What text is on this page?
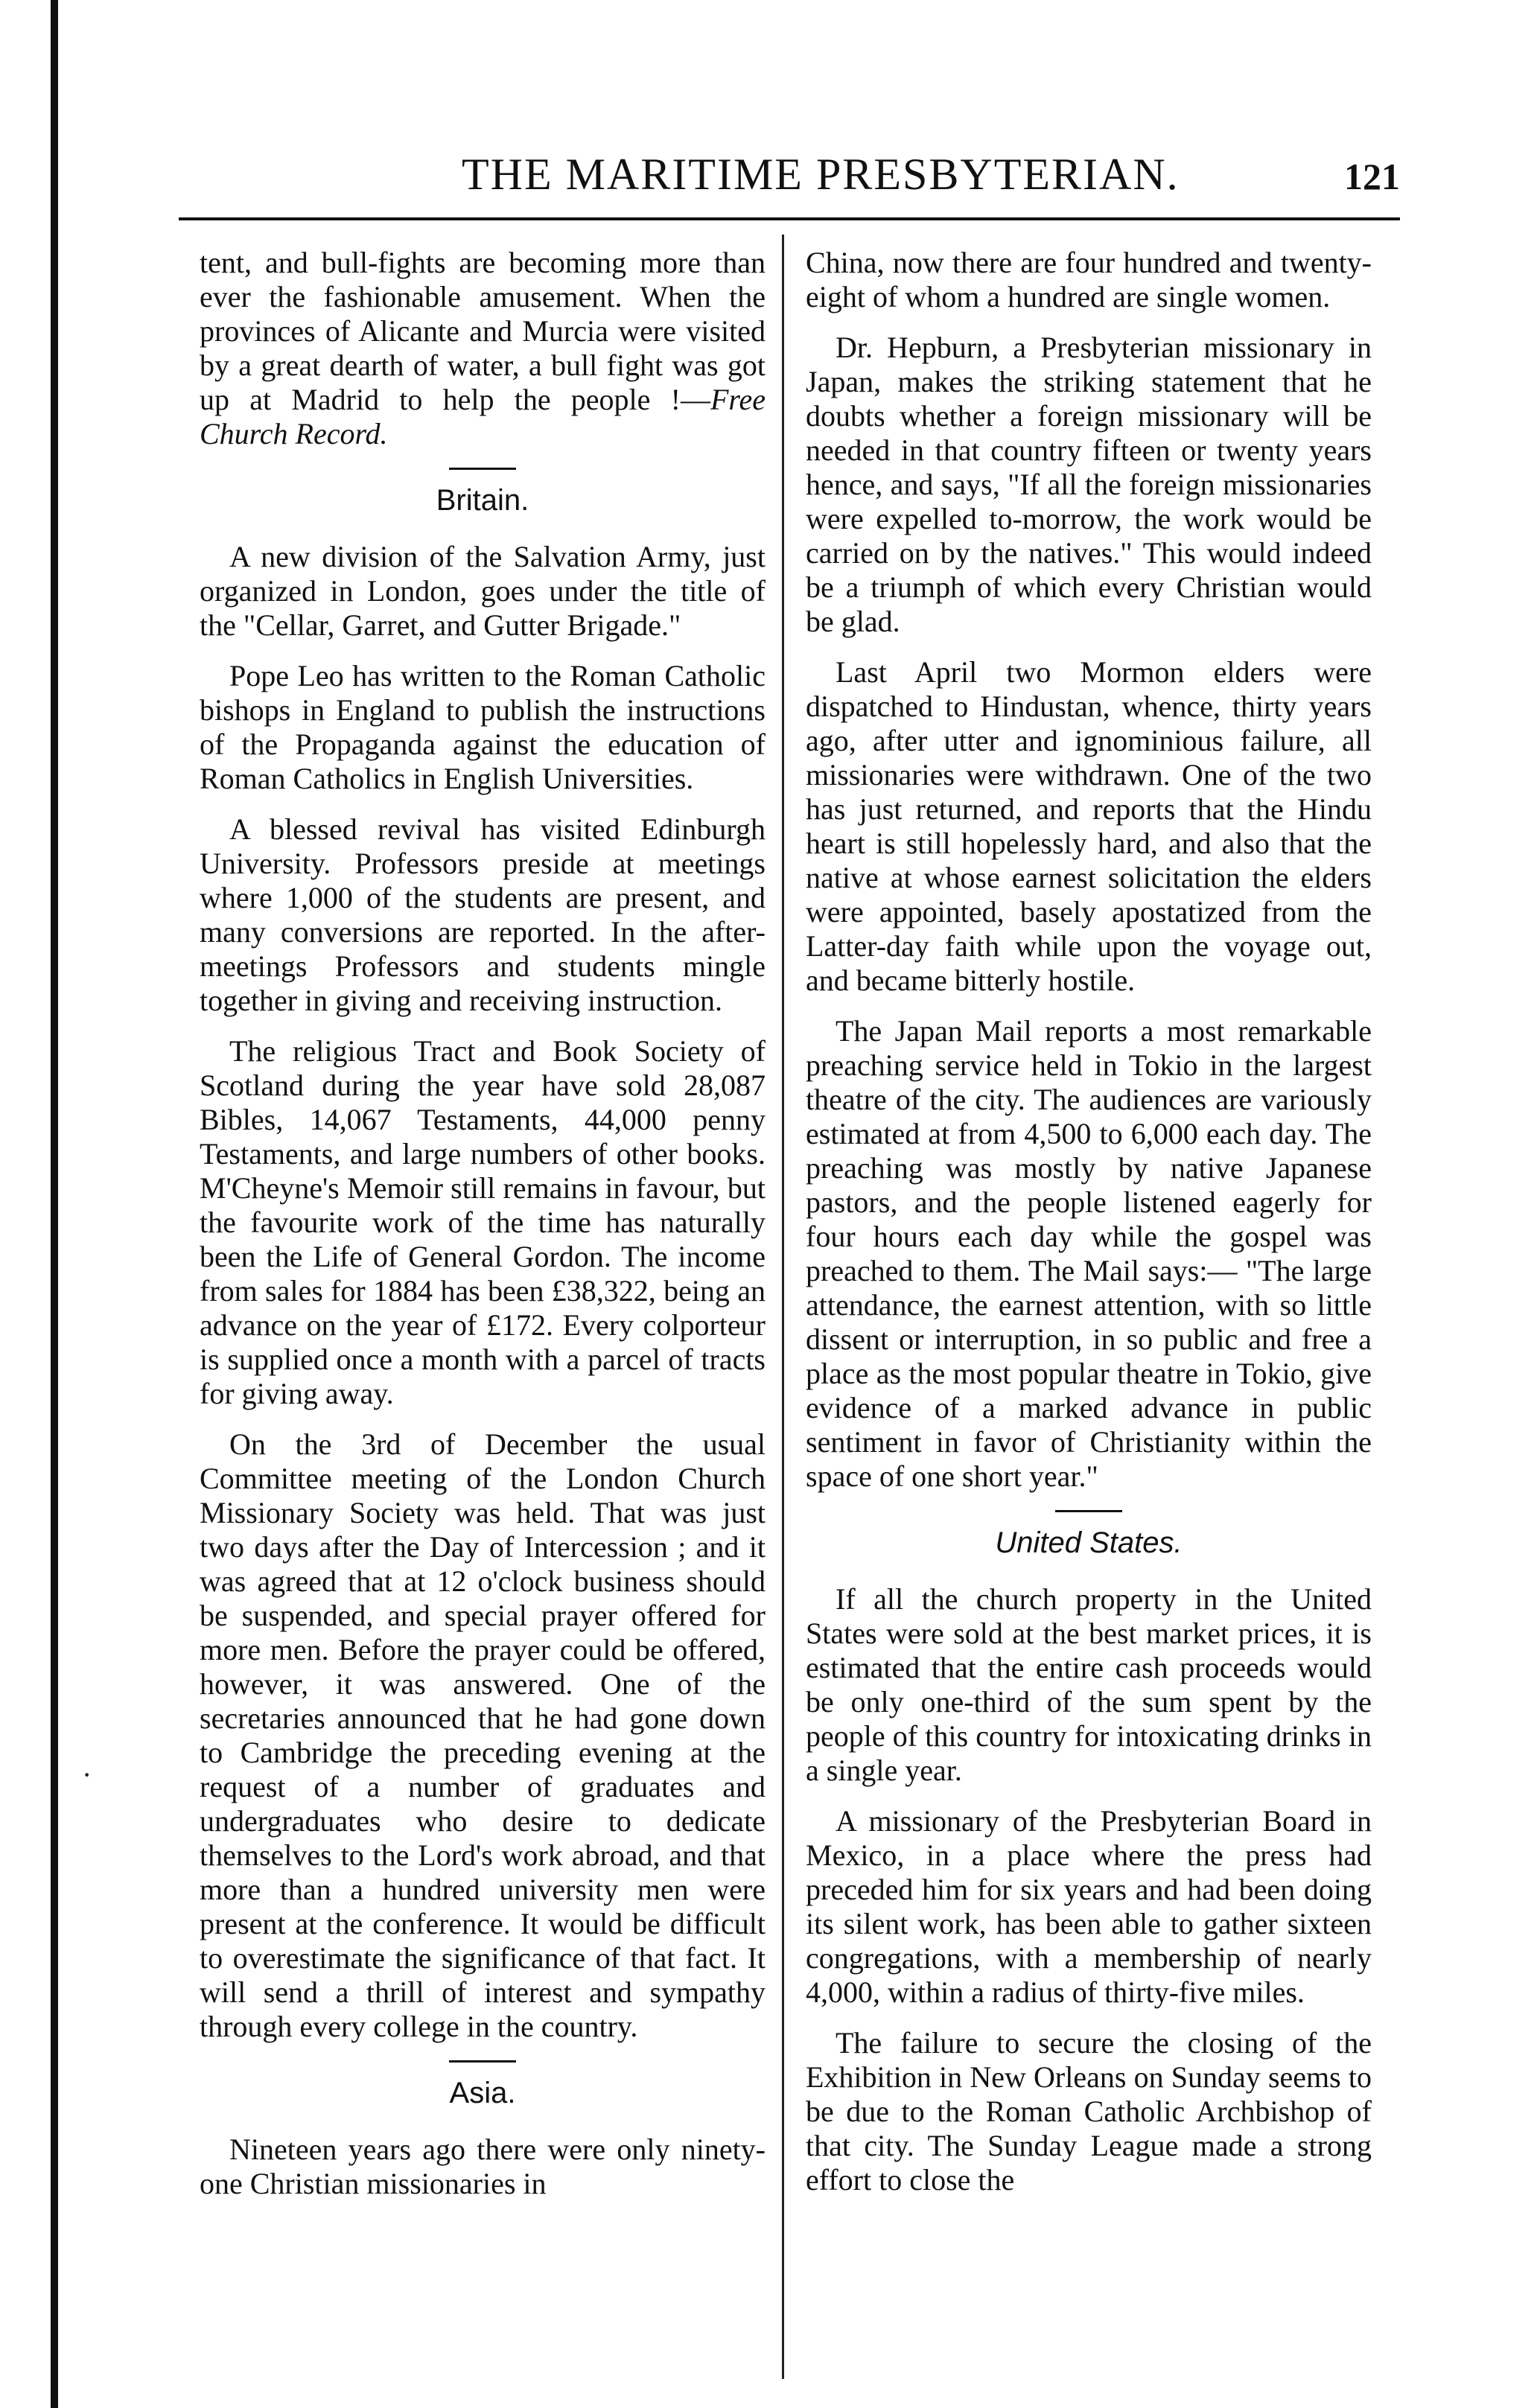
THE MARITIME PRESBYTERIAN.	121

tent, and bull-fights are becoming more than ever the fashionable amusement. When the provinces of Alicante and Murcia were visited by a great dearth of water, a bull fight was got up at Madrid to help the people !—Free Church Record.

Britain.

A new division of the Salvation Army, just organized in London, goes under the title of the "Cellar, Garret, and Gutter Brigade."

Pope Leo has written to the Roman Catholic bishops in England to publish the instructions of the Propaganda against the education of Roman Catholics in English Universities.

A blessed revival has visited Edinburgh University. Professors preside at meetings where 1,000 of the students are present, and many conversions are reported. In the after-meetings Professors and students mingle together in giving and receiving instruction.

The religious Tract and Book Society of Scotland during the year have sold 28,087 Bibles, 14,067 Testaments, 44,000 penny Testaments, and large numbers of other books. M'Cheyne's Memoir still remains in favour, but the favourite work of the time has naturally been the Life of General Gordon. The income from sales for 1884 has been £38,322, being an advance on the year of £172. Every colporteur is supplied once a month with a parcel of tracts for giving away.

On the 3rd of December the usual Committee meeting of the London Church Missionary Society was held. That was just two days after the Day of Intercession ; and it was agreed that at 12 o'clock business should be suspended, and special prayer offered for more men. Before the prayer could be offered, however, it was answered. One of the secretaries announced that he had gone down to Cambridge the preceding evening at the request of a number of graduates and undergraduates who desire to dedicate themselves to the Lord's work abroad, and that more than a hundred university men were present at the conference. It would be difficult to overestimate the significance of that fact. It will send a thrill of interest and sympathy through every college in the country.

Asia.

Nineteen years ago there were only ninety-one Christian missionaries in

China, now there are four hundred and twenty-eight of whom a hundred are single women.

Dr. Hepburn, a Presbyterian missionary in Japan, makes the striking statement that he doubts whether a foreign missionary will be needed in that country fifteen or twenty years hence, and says, "If all the foreign missionaries were expelled to-morrow, the work would be carried on by the natives." This would indeed be a triumph of which every Christian would be glad.

Last April two Mormon elders were dispatched to Hindustan, whence, thirty years ago, after utter and ignominious failure, all missionaries were withdrawn. One of the two has just returned, and reports that the Hindu heart is still hopelessly hard, and also that the native at whose earnest solicitation the elders were appointed, basely apostatized from the Latter-day faith while upon the voyage out, and became bitterly hostile.

The Japan Mail reports a most remarkable preaching service held in Tokio in the largest theatre of the city. The audiences are variously estimated at from 4,500 to 6,000 each day. The preaching was mostly by native Japanese pastors, and the people listened eagerly for four hours each day while the gospel was preached to them. The Mail says:— "The large attendance, the earnest attention, with so little dissent or interruption, in so public and free a place as the most popular theatre in Tokio, give evidence of a marked advance in public sentiment in favor of Christianity within the space of one short year."

United States.

If all the church property in the United States were sold at the best market prices, it is estimated that the entire cash proceeds would be only one-third of the sum spent by the people of this country for intoxicating drinks in a single year.

A missionary of the Presbyterian Board in Mexico, in a place where the press had preceded him for six years and had been doing its silent work, has been able to gather sixteen congregations, with a membership of nearly 4,000, within a radius of thirty-five miles.

The failure to secure the closing of the Exhibition in New Orleans on Sunday seems to be due to the Roman Catholic Archbishop of that city. The Sunday League made a strong effort to close the

·
